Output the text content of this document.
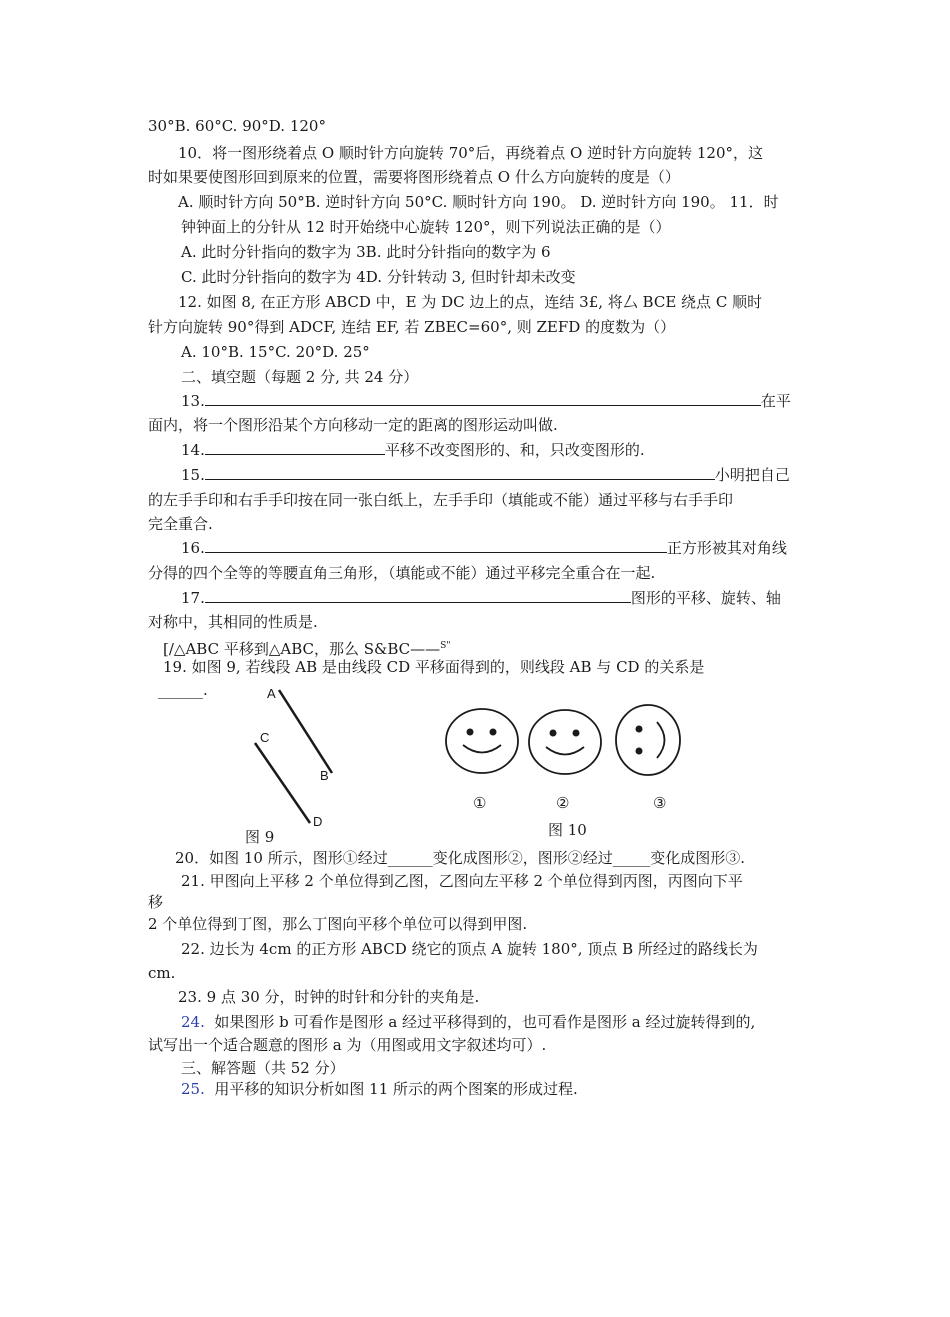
30°B. 60°C. 90°D. 120°
10．将一图形绕着点 O 顺时针方向旋转 70°后，再绕着点 O 逆时针方向旋转 120°，这
时如果要使图形回到原来的位置，需要将图形绕着点 O 什么方向旋转的度是（）
A. 顺时针方向 50°B. 逆时针方向 50°C. 顺时针方向 190。 D. 逆时针方向 190。 11．时
钟钟面上的分针从 12 时开始绕中心旋转 120°，则下列说法正确的是（）
A. 此时分针指向的数字为 3B. 此时分针指向的数字为 6
C. 此时分针指向的数字为 4D. 分针转动 3, 但时针却未改变
12. 如图 8, 在正方形 ABCD 中，E 为 DC 边上的点，连结 3£, 将厶 BCE 绕点 C 顺时
针方向旋转 90°得到 ADCF, 连结 EF, 若 ZBEC=60°, 则 ZEFD 的度数为（）
A. 10°B. 15°C. 20°D. 25°
二、填空题（每题 2 分, 共 24 分）
13.	在平
面内，将一个图形沿某个方向移动一定的距离的图形运动叫做.
14.	平移不改变图形的、和，只改变图形的.
15.	小明把自己
的左手手印和右手手印按在同一张白纸上，左手手印（填能或不能）通过平移与右手手印
完全重合.
16.	正方形被其对角线
分得的四个全等的等腰直角三角形，（填能或不能）通过平移完全重合在一起.
17.	图形的平移、旋转、轴
对称中，其相同的性质是.
[/△ABC 平移到△ABC，那么 S&BC——$^{S"}$
19. 如图 9, 若线段 AB 是由线段 CD 平移面得到的，则线段 AB 与 CD 的关系是
______.	A
C
B
D
图 9
①	②	③
图 10
20．如图 10 所示，图形①经过______变化成图形②，图形②经过_____变化成图形③.
21. 甲图向上平移 2 个单位得到乙图，乙图向左平移 2 个单位得到丙图，丙图向下平
移
2 个单位得到丁图，那么丁图向平移个单位可以得到甲图.
22. 边长为 4cm 的正方形 ABCD 绕它的顶点 A 旋转 180°, 顶点 B 所经过的路线长为
cm.
23. 9 点 30 分，时钟的时针和分针的夹角是.
24. 如果图形 b 可看作是图形 a 经过平移得到的，也可看作是图形 a 经过旋转得到的,
试写出一个适合题意的图形 a 为（用图或用文字叙述均可）.
三、解答题（共 52 分）
25. 用平移的知识分析如图 11 所示的两个图案的形成过程.
